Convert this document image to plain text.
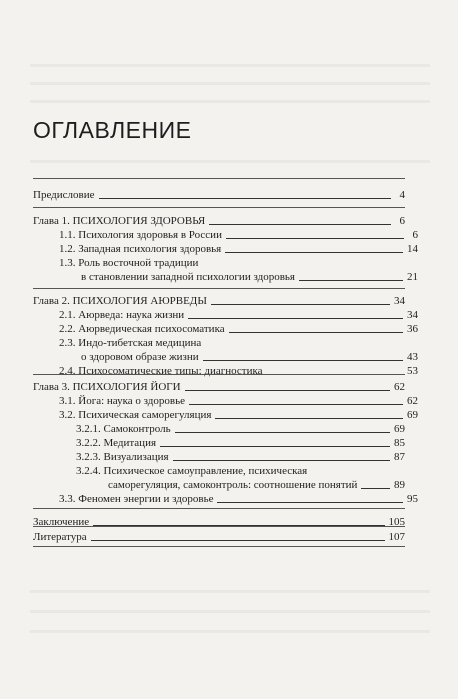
ОГЛАВЛЕНИЕ
Предисловие	4
Глава 1. ПСИХОЛОГИЯ ЗДОРОВЬЯ	6
1.1. Психология здоровья в России	6
1.2. Западная психология здоровья	14
1.3. Роль восточной традиции
в становлении западной психологии здоровья	21
Глава 2. ПСИХОЛОГИЯ АЮРВЕДЫ	34
2.1. Аюрведа: наука жизни	34
2.2. Аюрведическая психосоматика	36
2.3. Индо-тибетская медицина
о здоровом образе жизни	43
2.4. Психосоматические типы: диагностика	53
Глава 3. ПСИХОЛОГИЯ ЙОГИ	62
3.1. Йога: наука о здоровье	62
3.2. Психическая саморегуляция	69
3.2.1. Самоконтроль	69
3.2.2. Медитация	85
3.2.3. Визуализация	87
3.2.4. Психическое самоуправление, психическая
саморегуляция, самоконтроль: соотношение понятий	89
3.3. Феномен энергии и здоровье	95
Заключение	105
Литература	107
